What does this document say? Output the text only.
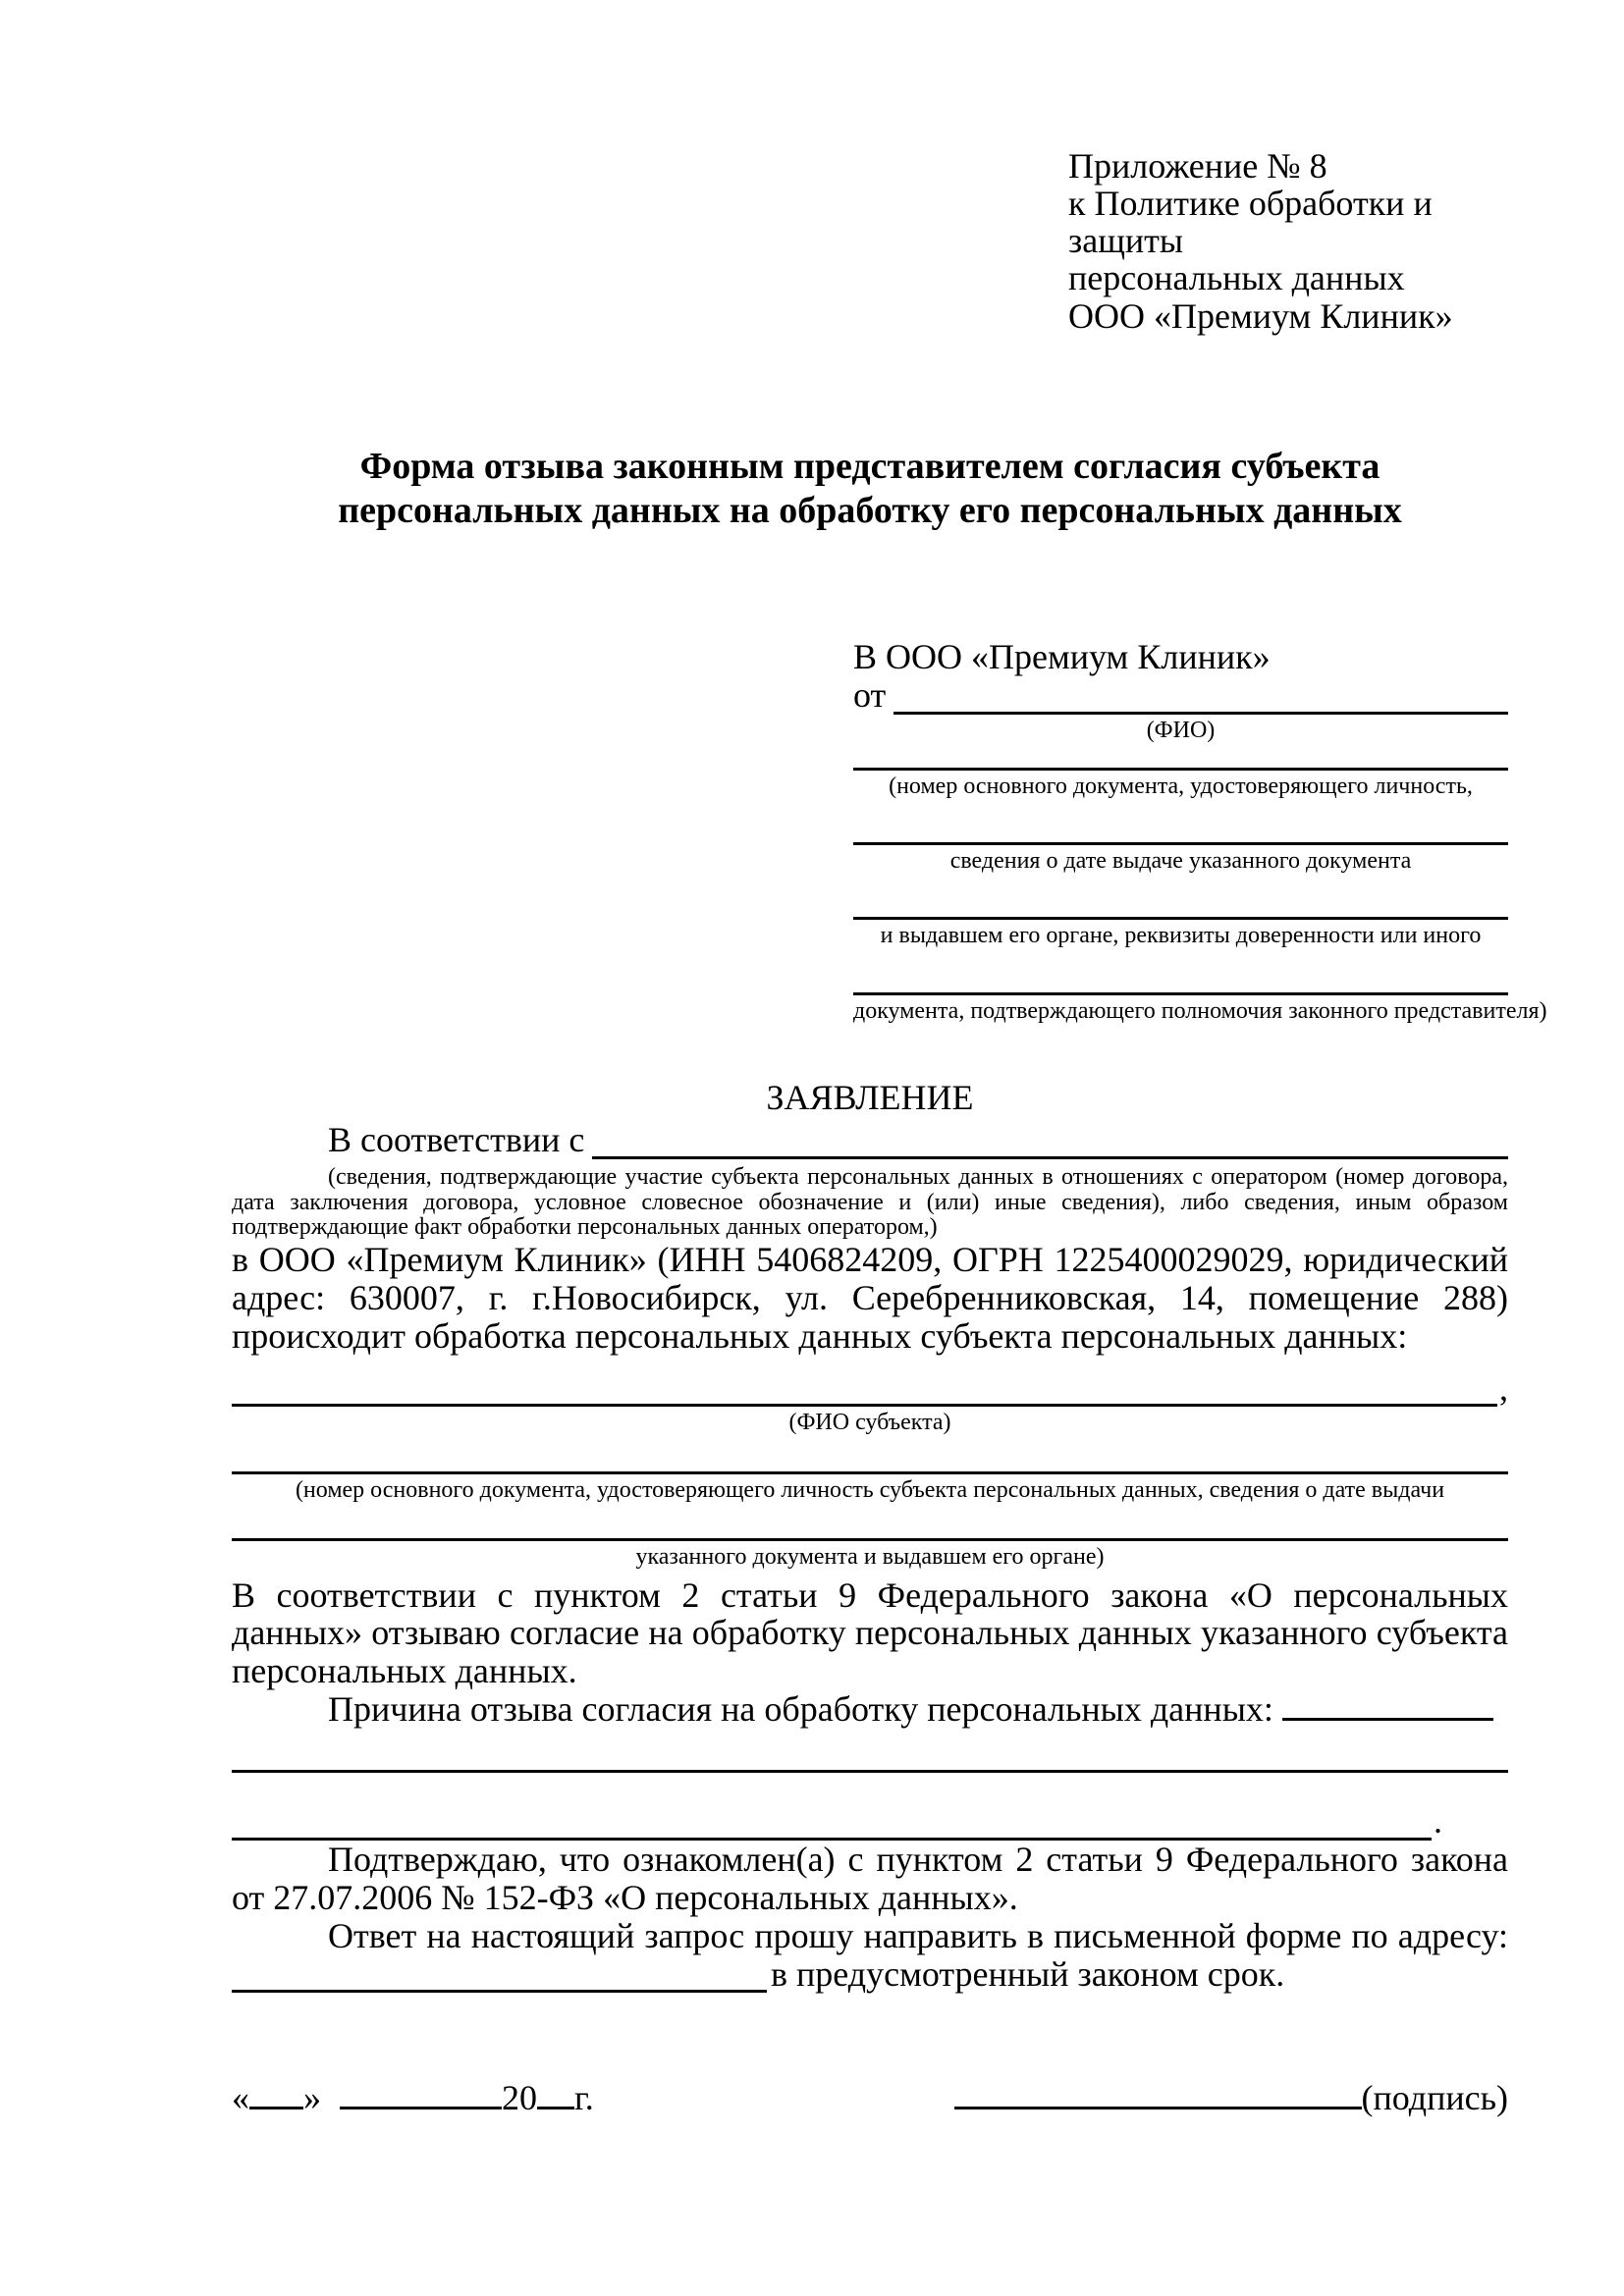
Приложение № 8
к Политике обработки и защиты
персональных данных
ООО «Премиум Клиник»
Форма отзыва законным представителем согласия субъекта
персональных данных на обработку его персональных данных
В ООО «Премиум Клиник»
от
(ФИО)
(номер основного документа, удостоверяющего личность,
сведения о дате выдаче указанного документа
и выдавшем его органе, реквизиты доверенности или иного
документа, подтверждающего полномочия законного представителя)
ЗАЯВЛЕНИЕ
В соответствии с
(сведения, подтверждающие участие субъекта персональных данных в отношениях с оператором (номер договора, дата заключения договора, условное словесное обозначение и (или) иные сведения), либо сведения, иным образом подтверждающие факт обработки персональных данных оператором,)

в ООО «Премиум Клиник» (ИНН 5406824209, ОГРН 1225400029029, юридический адрес: 630007, г. г.Новосибирск, ул. Серебренниковская, 14, помещение 288) происходит обработка персональных данных субъекта персональных данных:

,
(ФИО субъекта)
(номер основного документа, удостоверяющего личность субъекта персональных данных, сведения о дате выдачи
указанного документа и выдавшем его органе)

В соответствии с пунктом 2 статьи 9 Федерального закона «О персональных данных» отзываю согласие на обработку персональных данных указанного субъекта персональных данных.

Причина отзыва согласия на обработку персональных данных:
.

Подтверждаю, что ознакомлен(а) с пунктом 2 статьи 9 Федерального закона от 27.07.2006 № 152-ФЗ «О персональных данных».

Ответ на настоящий запрос прошу направить в письменной форме по адресу:

в предусмотренный законом срок.
« »	20 г.	(подпись)
